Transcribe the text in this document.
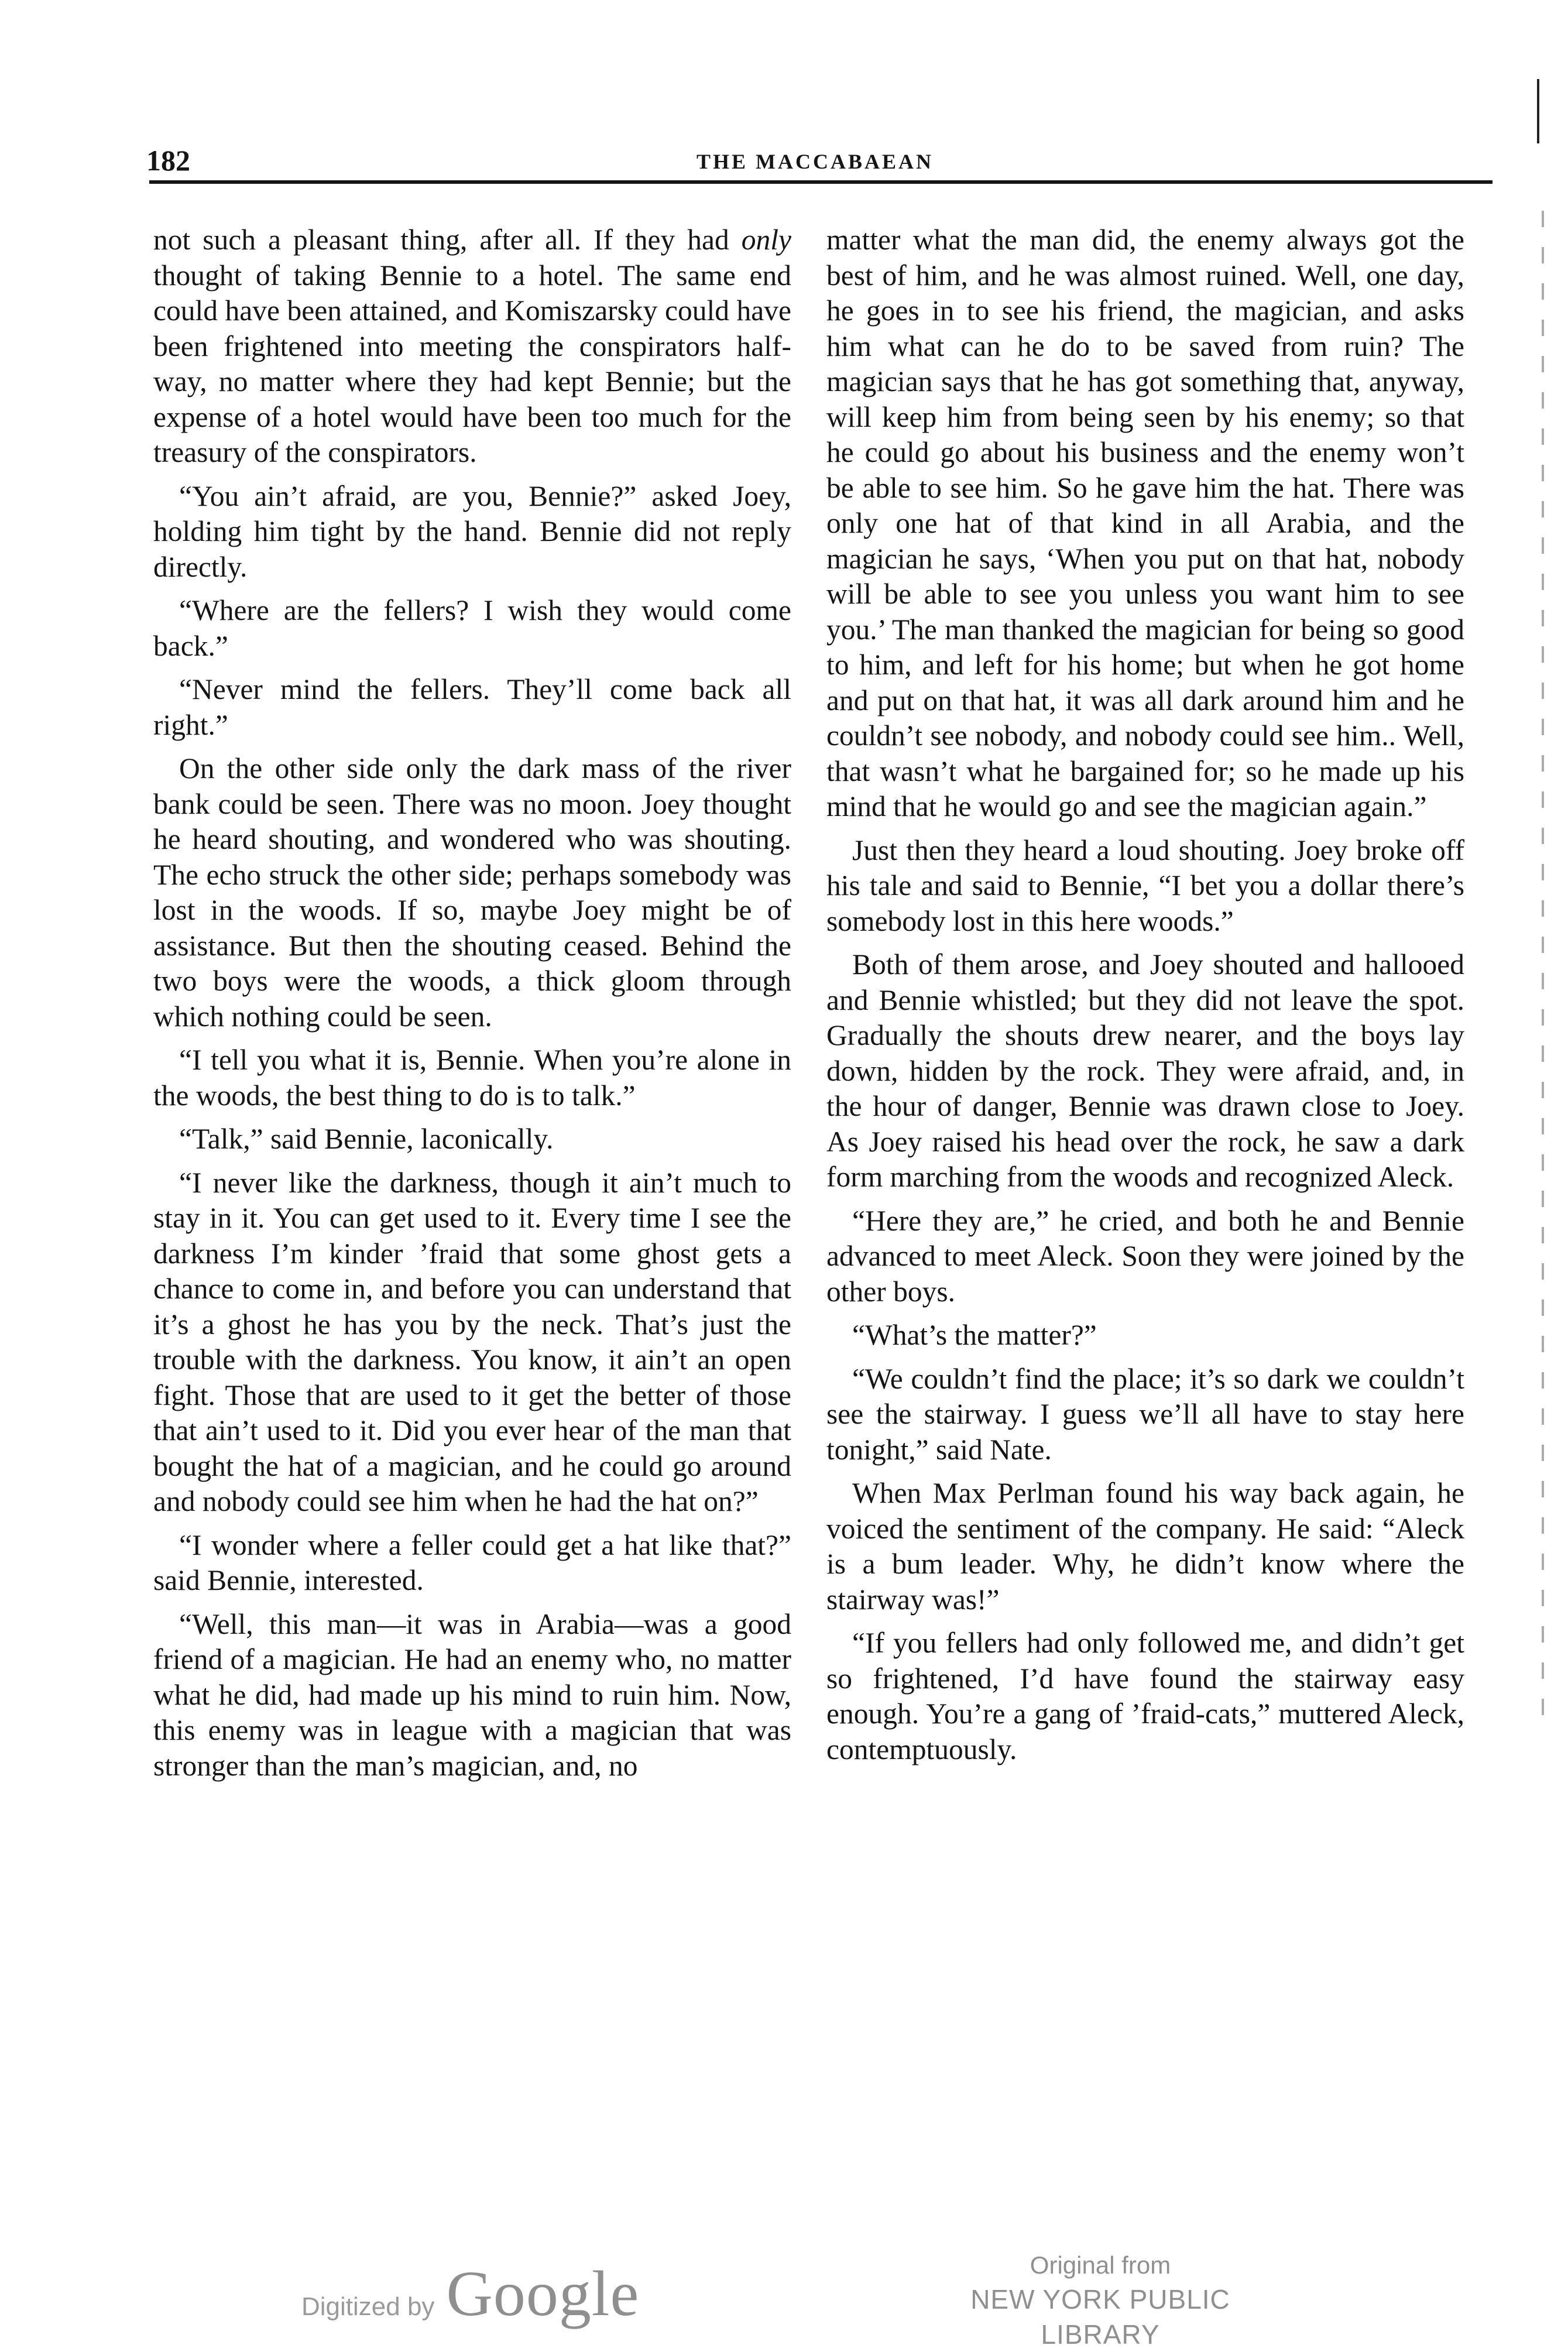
182	THE MACCABAEAN

not such a pleasant thing, after all. If they had only thought of taking Bennie to a hotel. The same end could have been attained, and Komiszarsky could have been frightened into meeting the conspirators half-way, no matter where they had kept Bennie; but the expense of a hotel would have been too much for the treasury of the conspirators.

“You ain’t afraid, are you, Bennie?” asked Joey, holding him tight by the hand. Bennie did not reply directly.

“Where are the fellers? I wish they would come back.”

“Never mind the fellers. They’ll come back all right.”

On the other side only the dark mass of the river bank could be seen. There was no moon. Joey thought he heard shouting, and wondered who was shouting. The echo struck the other side; perhaps somebody was lost in the woods. If so, maybe Joey might be of assistance. But then the shouting ceased. Behind the two boys were the woods, a thick gloom through which nothing could be seen.

“I tell you what it is, Bennie. When you’re alone in the woods, the best thing to do is to talk.”

“Talk,” said Bennie, laconically.

“I never like the darkness, though it ain’t much to stay in it. You can get used to it. Every time I see the darkness I’m kinder ’fraid that some ghost gets a chance to come in, and before you can understand that it’s a ghost he has you by the neck. That’s just the trouble with the darkness. You know, it ain’t an open fight. Those that are used to it get the better of those that ain’t used to it. Did you ever hear of the man that bought the hat of a magician, and he could go around and nobody could see him when he had the hat on?”

“I wonder where a feller could get a hat like that?” said Bennie, interested.

“Well, this man—it was in Arabia—was a good friend of a magician. He had an enemy who, no matter what he did, had made up his mind to ruin him. Now, this enemy was in league with a magician that was stronger than the man’s magician, and, no

matter what the man did, the enemy always got the best of him, and he was almost ruined. Well, one day, he goes in to see his friend, the magician, and asks him what can he do to be saved from ruin? The magician says that he has got something that, anyway, will keep him from being seen by his enemy; so that he could go about his business and the enemy won’t be able to see him. So he gave him the hat. There was only one hat of that kind in all Arabia, and the magician he says, ‘When you put on that hat, nobody will be able to see you unless you want him to see you.’ The man thanked the magician for being so good to him, and left for his home; but when he got home and put on that hat, it was all dark around him and he couldn’t see nobody, and nobody could see him.. Well, that wasn’t what he bargained for; so he made up his mind that he would go and see the magician again.”

Just then they heard a loud shouting. Joey broke off his tale and said to Bennie, “I bet you a dollar there’s somebody lost in this here woods.”

Both of them arose, and Joey shouted and hallooed and Bennie whistled; but they did not leave the spot. Gradually the shouts drew nearer, and the boys lay down, hidden by the rock. They were afraid, and, in the hour of danger, Bennie was drawn close to Joey. As Joey raised his head over the rock, he saw a dark form marching from the woods and recognized Aleck.

“Here they are,” he cried, and both he and Bennie advanced to meet Aleck. Soon they were joined by the other boys.

“What’s the matter?”

“We couldn’t find the place; it’s so dark we couldn’t see the stairway. I guess we’ll all have to stay here tonight,” said Nate.

When Max Perlman found his way back again, he voiced the sentiment of the company. He said: “Aleck is a bum leader. Why, he didn’t know where the stairway was!”

“If you fellers had only followed me, and didn’t get so frightened, I’d have found the stairway easy enough. You’re a gang of ’fraid-cats,” muttered Aleck, contemptuously.

Digitized by Google	Original from
NEW YORK PUBLIC LIBRARY
